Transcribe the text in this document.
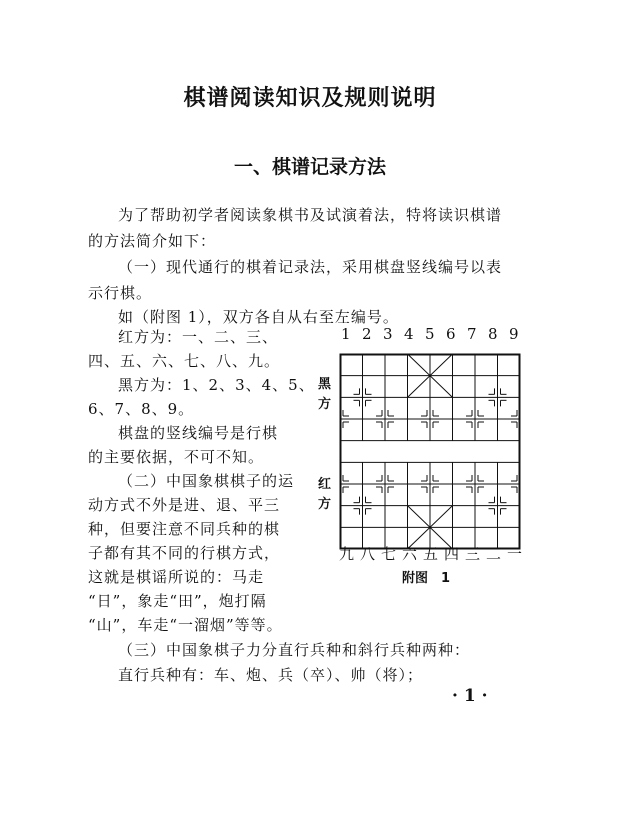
棋谱阅读知识及规则说明
一、棋谱记录方法
为了帮助初学者阅读象棋书及试演着法，特将读识棋谱
的方法简介如下：
（一）现代通行的棋着记录法，采用棋盘竖线编号以表
示行棋。
如（附图 1），双方各自从右至左编号。
红方为：一、二、三、
四、五、六、七、八、九。
黑方为：1、2、3、4、5、
6、7、8、9。
棋盘的竖线编号是行棋
的主要依据，不可不知。
（二）中国象棋棋子的运
动方式不外是进、退、平三
种，但要注意不同兵种的棋
子都有其不同的行棋方式，
这就是棋谣所说的：马走
“日”，象走“田”，炮打隔
“山”，车走“一溜烟”等等。
（三）中国象棋子力分直行兵种和斜行兵种两种：
直行兵种有：车、炮、兵（卒）、帅（将）；
1 2 3 4 5 6 7 8 9
黑
方
红
方
九 八 七 六 五 四 三 二 一
附图　1
· 1 ·
